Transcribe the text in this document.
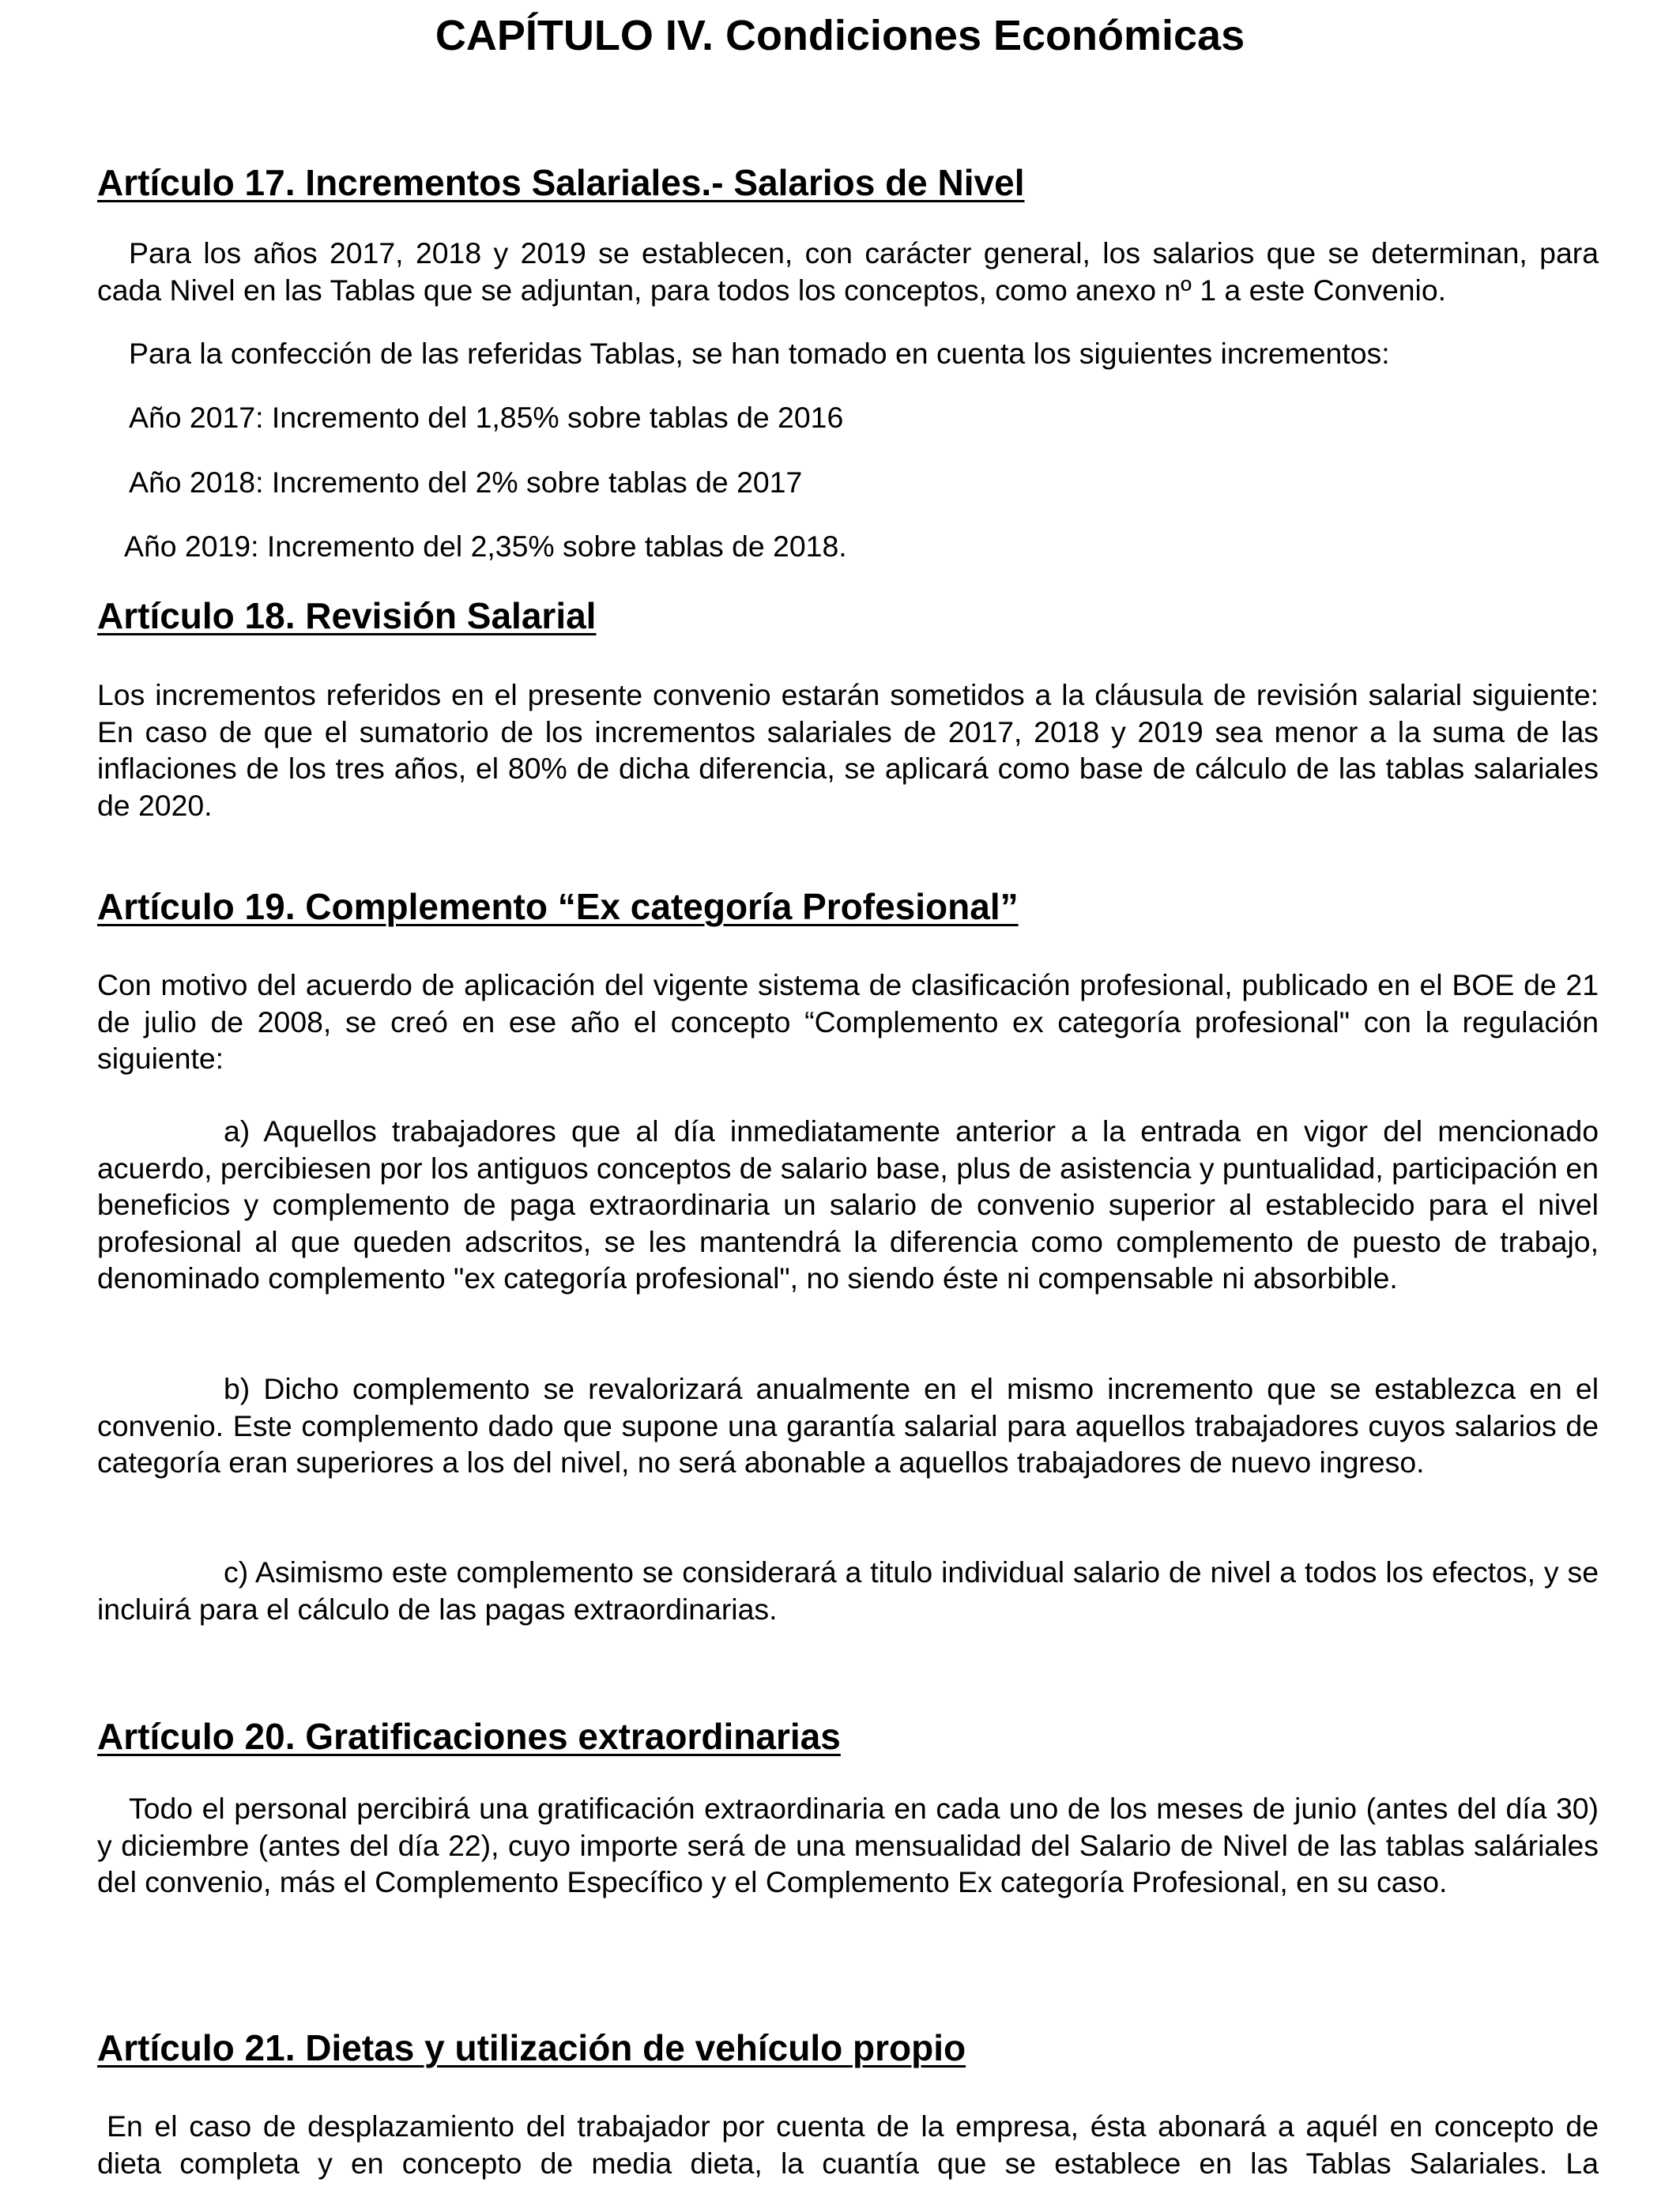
CAPÍTULO IV. Condiciones Económicas
Artículo 17. Incrementos Salariales.- Salarios de Nivel

Para los años 2017, 2018 y 2019 se establecen, con carácter general, los salarios que se determinan, para cada Nivel en las Tablas que se adjuntan, para todos los conceptos, como anexo nº 1 a este Convenio.

Para la confección de las referidas Tablas, se han tomado en cuenta los siguientes incrementos:

Año 2017: Incremento del 1,85% sobre tablas de 2016

Año 2018: Incremento del 2% sobre tablas de 2017

Año 2019: Incremento del 2,35% sobre tablas de 2018.

Artículo 18. Revisión Salarial

Los incrementos referidos en el presente convenio estarán sometidos a la cláusula de revisión salarial siguiente: En caso de que el sumatorio de los incrementos salariales de 2017, 2018 y 2019 sea menor a la suma de las inflaciones de los tres años, el 80% de dicha diferencia, se aplicará como base de cálculo de las tablas salariales de 2020.

Artículo 19. Complemento “Ex categoría Profesional”

Con motivo del acuerdo de aplicación del vigente sistema de clasificación profesional, publicado en el BOE de 21 de julio de 2008, se creó en ese año el concepto “Complemento ex categoría profesional" con la regulación siguiente:

a) Aquellos trabajadores que al día inmediatamente anterior a la entrada en vigor del mencionado acuerdo, percibiesen por los antiguos conceptos de salario base, plus de asistencia y puntualidad, participación en beneficios y complemento de paga extraordinaria un salario de convenio superior al establecido para el nivel profesional al que queden adscritos, se les mantendrá la diferencia como complemento de puesto de trabajo, denominado complemento "ex categoría profesional", no siendo éste ni compensable ni absorbible.

b) Dicho complemento se revalorizará anualmente en el mismo incremento que se establezca en el convenio. Este complemento dado que supone una garantía salarial para aquellos trabajadores cuyos salarios de categoría eran superiores a los del nivel, no será abonable a aquellos trabajadores de nuevo ingreso.

c) Asimismo este complemento se considerará a titulo individual salario de nivel a todos los efectos, y se incluirá para el cálculo de las pagas extraordinarias.

Artículo 20. Gratificaciones extraordinarias

Todo el personal percibirá una gratificación extraordinaria en cada uno de los meses de junio (antes del día 30) y diciembre (antes del día 22), cuyo importe será de una mensualidad del Salario de Nivel de las tablas saláriales del convenio, más el Complemento Específico y el Complemento Ex categoría Profesional, en su caso.

Artículo 21. Dietas y utilización de vehículo propio

En el caso de desplazamiento del trabajador por cuenta de la empresa, ésta abonará a aquél en concepto de dieta completa y en concepto de media dieta, la cuantía que se establece en las Tablas Salariales. La
